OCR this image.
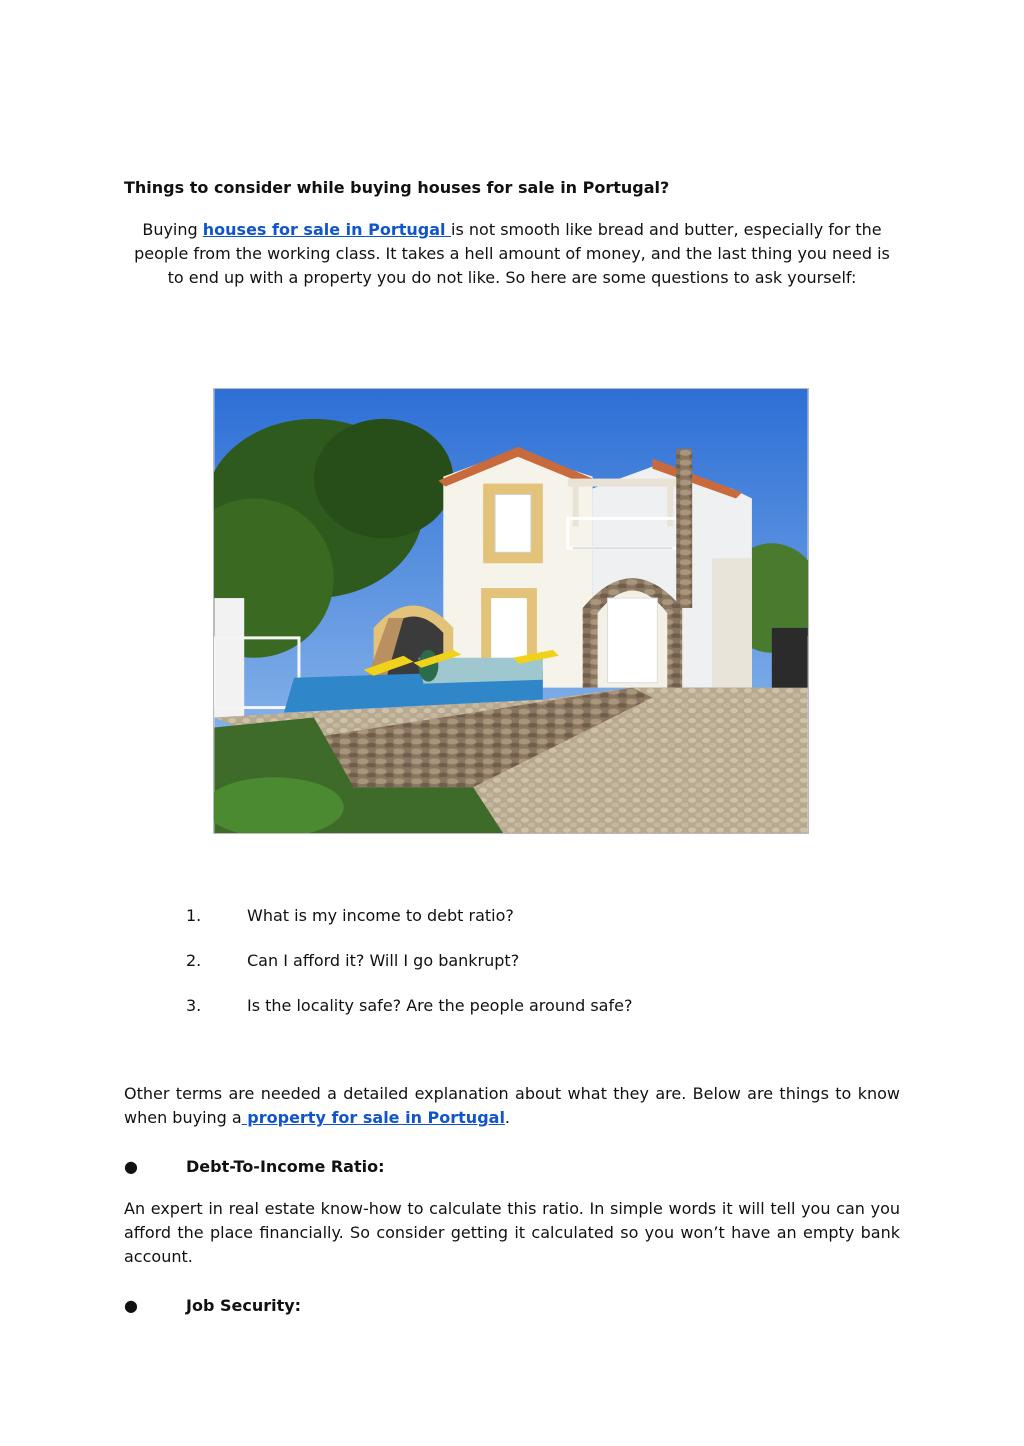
Things to consider while buying houses for sale in Portugal?

Buying houses for sale in Portugal is not smooth like bread and butter, especially for the people from the working class. It takes a hell amount of money, and the last thing you need is to end up with a property you do not like. So here are some questions to ask yourself:

1.	What is my income to debt ratio?
2.	Can I afford it? Will I go bankrupt?
3.	Is the locality safe? Are the people around safe?

Other terms are needed a detailed explanation about what they are. Below are things to know when buying a property for sale in Portugal.

●	Debt-To-Income Ratio:

An expert in real estate know-how to calculate this ratio. In simple words it will tell you can you afford the place financially. So consider getting it calculated so you won’t have an empty bank account.

●	Job Security:
